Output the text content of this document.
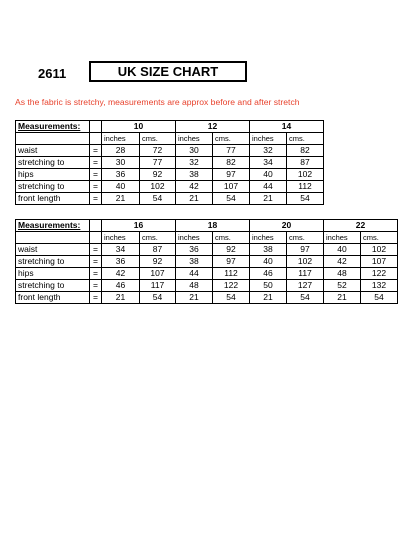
2611	UK SIZE CHART
As the fabric is stretchy, measurements are approx before and after stretch
Measurements:		10		12		14	
		inches	cms.	inches	cms.	inches	cms.
waist	=	28	72	30	77	32	82
stretching to	=	30	77	32	82	34	87
hips	=	36	92	38	97	40	102
stretching to	=	40	102	42	107	44	112
front length	=	21	54	21	54	21	54
Measurements:		16		18		20		22	
		inches	cms.	inches	cms.	inches	cms.	inches	cms.
waist	=	34	87	36	92	38	97	40	102
stretching to	=	36	92	38	97	40	102	42	107
hips	=	42	107	44	112	46	117	48	122
stretching to	=	46	117	48	122	50	127	52	132
front length	=	21	54	21	54	21	54	21	54
